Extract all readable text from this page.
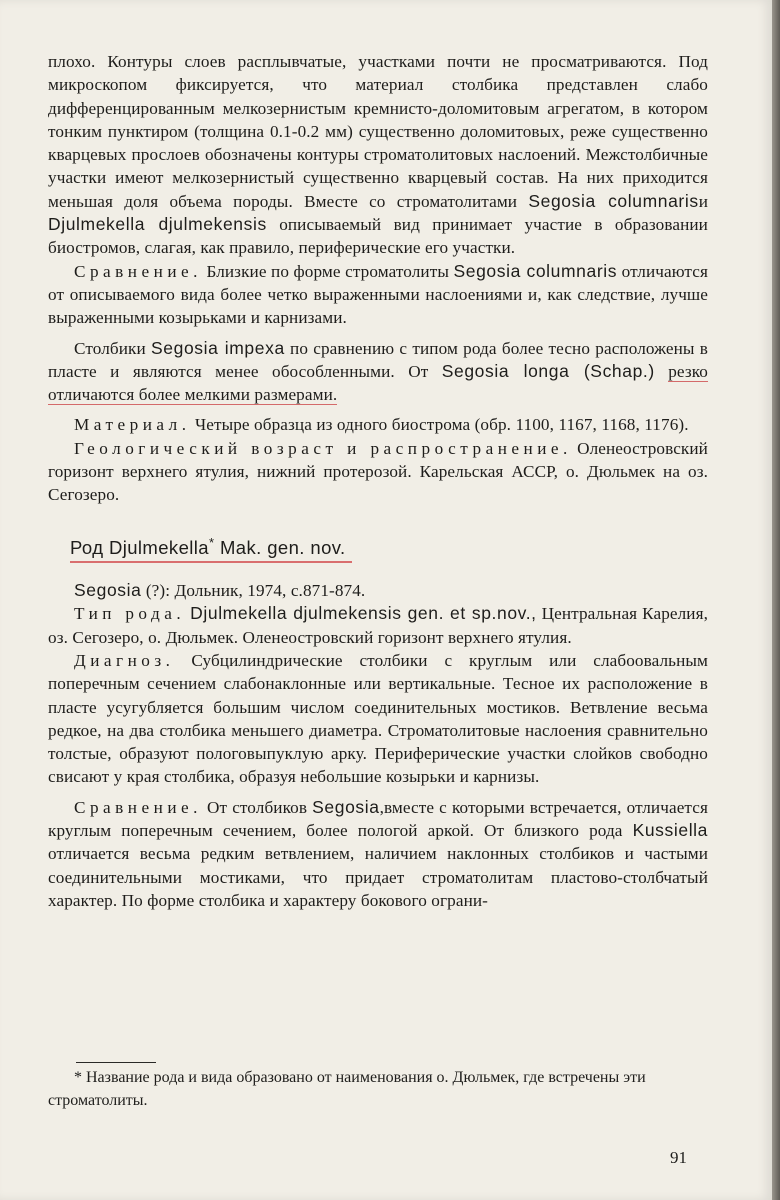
плохо. Контуры слоев расплывчатые, участками почти не просматриваются. Под микроскопом фиксируется, что материал столбика представлен слабо дифференцированным мелкозернистым кремнисто-доломитовым агрегатом, в котором тонким пунктиром (толщина 0.1-0.2 мм) существенно доломитовых, реже существенно кварцевых прослоев обозначены контуры строматолитовых наслоений. Межстолбичные участки имеют мелкозернистый существенно кварцевый состав. На них приходится меньшая доля объема породы. Вместе со строматолитами Segosia columnarisи Djulmekella djulmekensis описываемый вид принимает участие в образовании биостромов, слагая, как правило, периферические его участки.

Сравнение. Близкие по форме строматолиты Segosia columnaris отличаются от описываемого вида более четко выраженными наслоениями и, как следствие, лучше выраженными козырьками и карнизами.

Столбики Segosia impexa по сравнению с типом рода более тесно расположены в пласте и являются менее обособленными. От Segosia longa (Schap.) резко отличаются более мелкими размерами.

Материал. Четыре образца из одного биострома (обр. 1100, 1167, 1168, 1176).

Геологический возраст и распространение. Оленеостровский горизонт верхнего ятулия, нижний протерозой. Карельская АССР, о. Дюльмек на оз. Сегозеро.

Род Djulmekella* Mak. gen. nov.

Segosia (?): Дольник, 1974, с.871-874.

Тип рода. Djulmekella djulmekensis gen. et sp.nov., Центральная Карелия, оз. Сегозеро, о. Дюльмек. Оленеостровский горизонт верхнего ятулия.

Диагноз. Субцилиндрические столбики с круглым или слабоовальным поперечным сечением слабонаклонные или вертикальные. Тесное их расположение в пласте усугубляется большим числом соединительных мостиков. Ветвление весьма редкое, на два столбика меньшего диаметра. Строматолитовые наслоения сравнительно толстые, образуют пологовыпуклую арку. Периферические участки слойков свободно свисают у края столбика, образуя небольшие козырьки и карнизы.

Сравнение. От столбиков Segosia,вместе с которыми встречается, отличается круглым поперечным сечением, более пологой аркой. От близкого рода Kussiella отличается весьма редким ветвлением, наличием наклонных столбиков и частыми соединительными мостиками, что придает строматолитам пластово-столбчатый характер. По форме столбика и характеру бокового ограни-

* Название рода и вида образовано от наименования о. Дюльмек, где встречены эти строматолиты.
91
